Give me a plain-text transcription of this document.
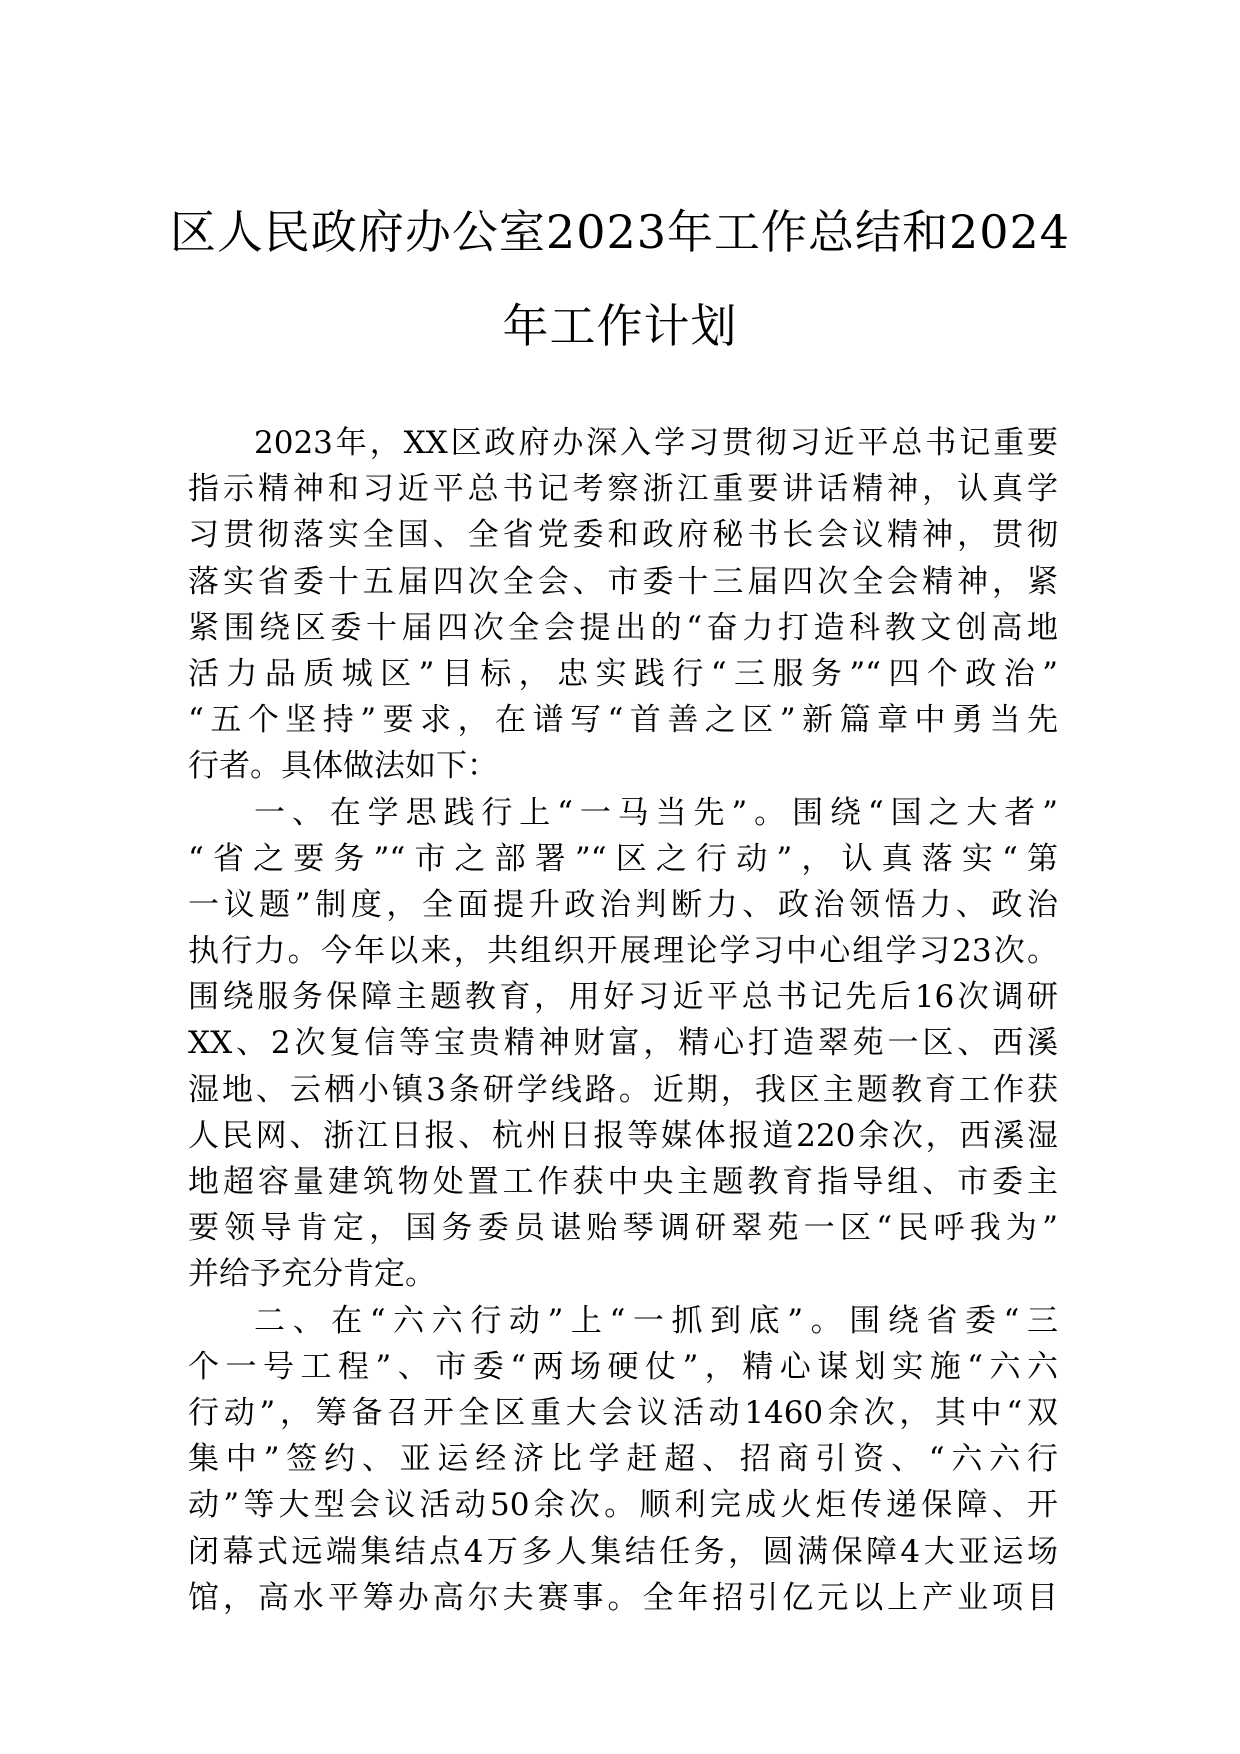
区人民政府办公室2023年工作总结和2024
年工作计划
2023年，XX区政府办深入学习贯彻习近平总书记重要
指示精神和习近平总书记考察浙江重要讲话精神，认真学
习贯彻落实全国、全省党委和政府秘书长会议精神，贯彻
落实省委十五届四次全会、市委十三届四次全会精神，紧
紧围绕区委十届四次全会提出的“奋力打造科教文创高地
活力品质城区”目标，忠实践行“三服务”“四个政治”
“五个坚持”要求，在谱写“首善之区”新篇章中勇当先
行者。具体做法如下：
一、在学思践行上“一马当先”。围绕“国之大者”
“省之要务”“市之部署”“区之行动”，认真落实“第
一议题”制度，全面提升政治判断力、政治领悟力、政治
执行力。今年以来，共组织开展理论学习中心组学习23次。
围绕服务保障主题教育，用好习近平总书记先后16次调研
XX、2次复信等宝贵精神财富，精心打造翠苑一区、西溪
湿地、云栖小镇3条研学线路。近期，我区主题教育工作获
人民网、浙江日报、杭州日报等媒体报道220余次，西溪湿
地超容量建筑物处置工作获中央主题教育指导组、市委主
要领导肯定，国务委员谌贻琴调研翠苑一区“民呼我为”
并给予充分肯定。
二、在“六六行动”上“一抓到底”。围绕省委“三
个一号工程”、市委“两场硬仗”，精心谋划实施“六六
行动”，筹备召开全区重大会议活动1460余次，其中“双
集中”签约、亚运经济比学赶超、招商引资、“六六行
动”等大型会议活动50余次。顺利完成火炬传递保障、开
闭幕式远端集结点4万多人集结任务，圆满保障4大亚运场
馆，高水平筹办高尔夫赛事。全年招引亿元以上产业项目
